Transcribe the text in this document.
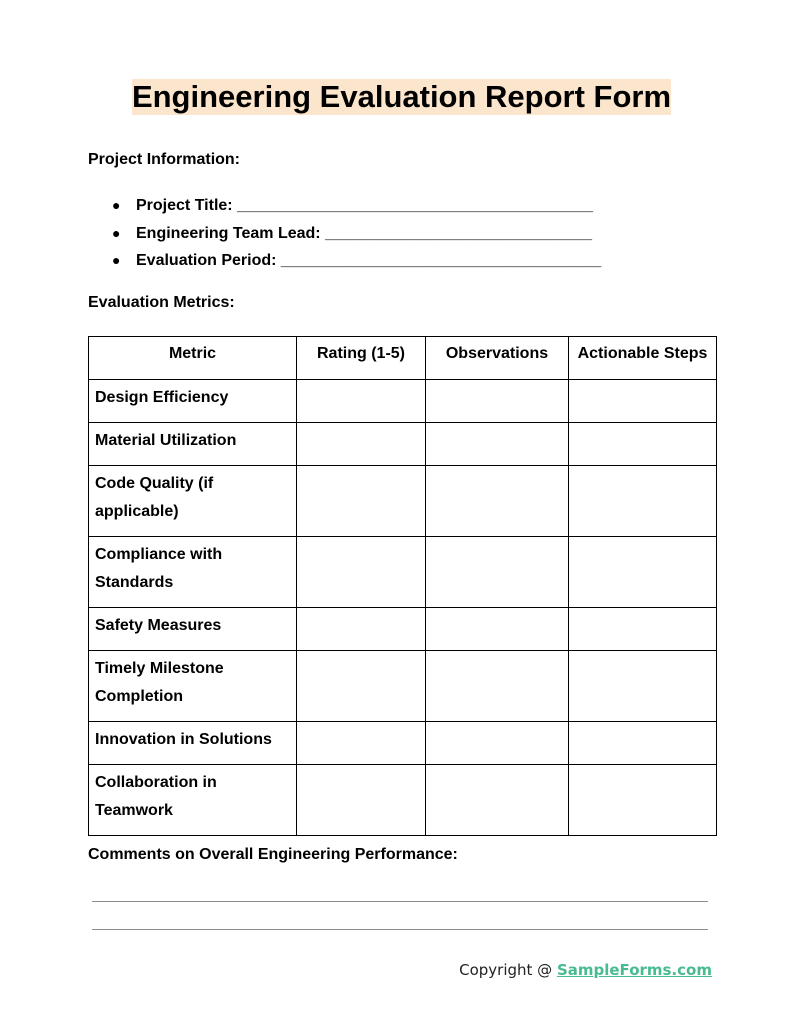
Engineering Evaluation Report Form

Project Information:

● Project Title: ________________________________________
● Engineering Team Lead: ______________________________
● Evaluation Period: ____________________________________

Evaluation Metrics:

Metric	Rating (1-5)	Observations	Actionable Steps
Design Efficiency			
Material Utilization			
Code Quality (if applicable)			
Compliance with Standards			
Safety Measures			
Timely Milestone Completion			
Innovation in Solutions			
Collaboration in Teamwork			

Comments on Overall Engineering Performance:

Copyright @ SampleForms.com
